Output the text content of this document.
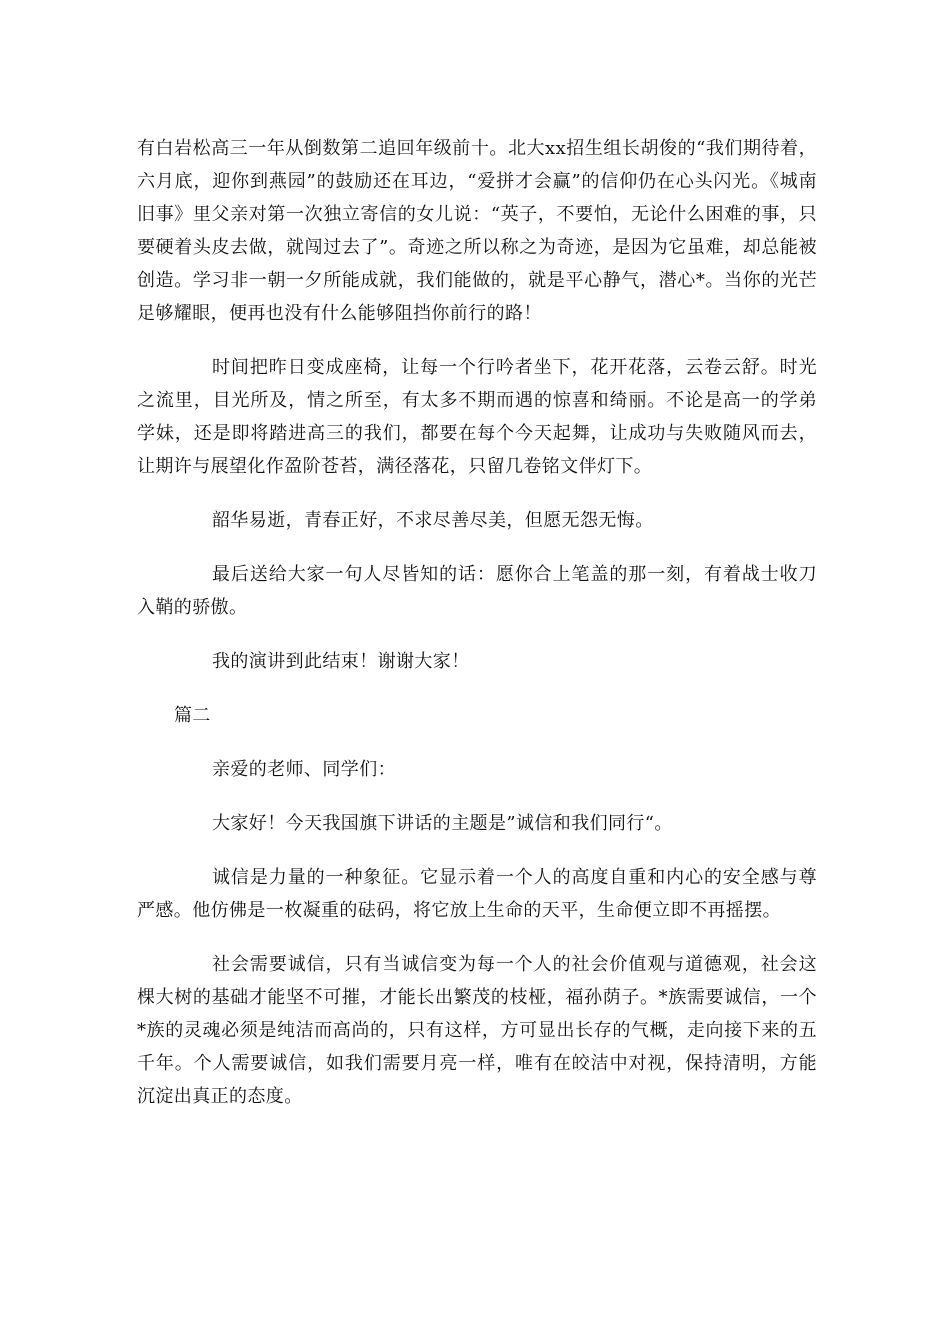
有白岩松高三一年从倒数第二追回年级前十。北大xx招生组长胡俊的“我们期待着，六月底，迎你到燕园”的鼓励还在耳边，“爱拼才会赢”的信仰仍在心头闪光。《城南旧事》里父亲对第一次独立寄信的女儿说：“英子，不要怕，无论什么困难的事，只要硬着头皮去做，就闯过去了”。奇迹之所以称之为奇迹，是因为它虽难，却总能被创造。学习非一朝一夕所能成就，我们能做的，就是平心静气，潜心*。当你的光芒足够耀眼，便再也没有什么能够阻挡你前行的路！

时间把昨日变成座椅，让每一个行吟者坐下，花开花落，云卷云舒。时光之流里，目光所及，情之所至，有太多不期而遇的惊喜和绮丽。不论是高一的学弟学妹，还是即将踏进高三的我们，都要在每个今天起舞，让成功与失败随风而去，让期许与展望化作盈阶苍苔，满径落花，只留几卷铭文伴灯下。

韶华易逝，青春正好，不求尽善尽美，但愿无怨无悔。

最后送给大家一句人尽皆知的话：愿你合上笔盖的那一刻，有着战士收刀入鞘的骄傲。

我的演讲到此结束！谢谢大家！

篇二

亲爱的老师、同学们：

大家好！今天我国旗下讲话的主题是”诚信和我们同行“。

诚信是力量的一种象征。它显示着一个人的高度自重和内心的安全感与尊严感。他仿佛是一枚凝重的砝码，将它放上生命的天平，生命便立即不再摇摆。

社会需要诚信，只有当诚信变为每一个人的社会价值观与道德观，社会这棵大树的基础才能坚不可摧，才能长出繁茂的枝桠，福孙荫子。*族需要诚信，一个*族的灵魂必须是纯洁而高尚的，只有这样，方可显出长存的气概，走向接下来的五千年。个人需要诚信，如我们需要月亮一样，唯有在皎洁中对视，保持清明，方能沉淀出真正的态度。
